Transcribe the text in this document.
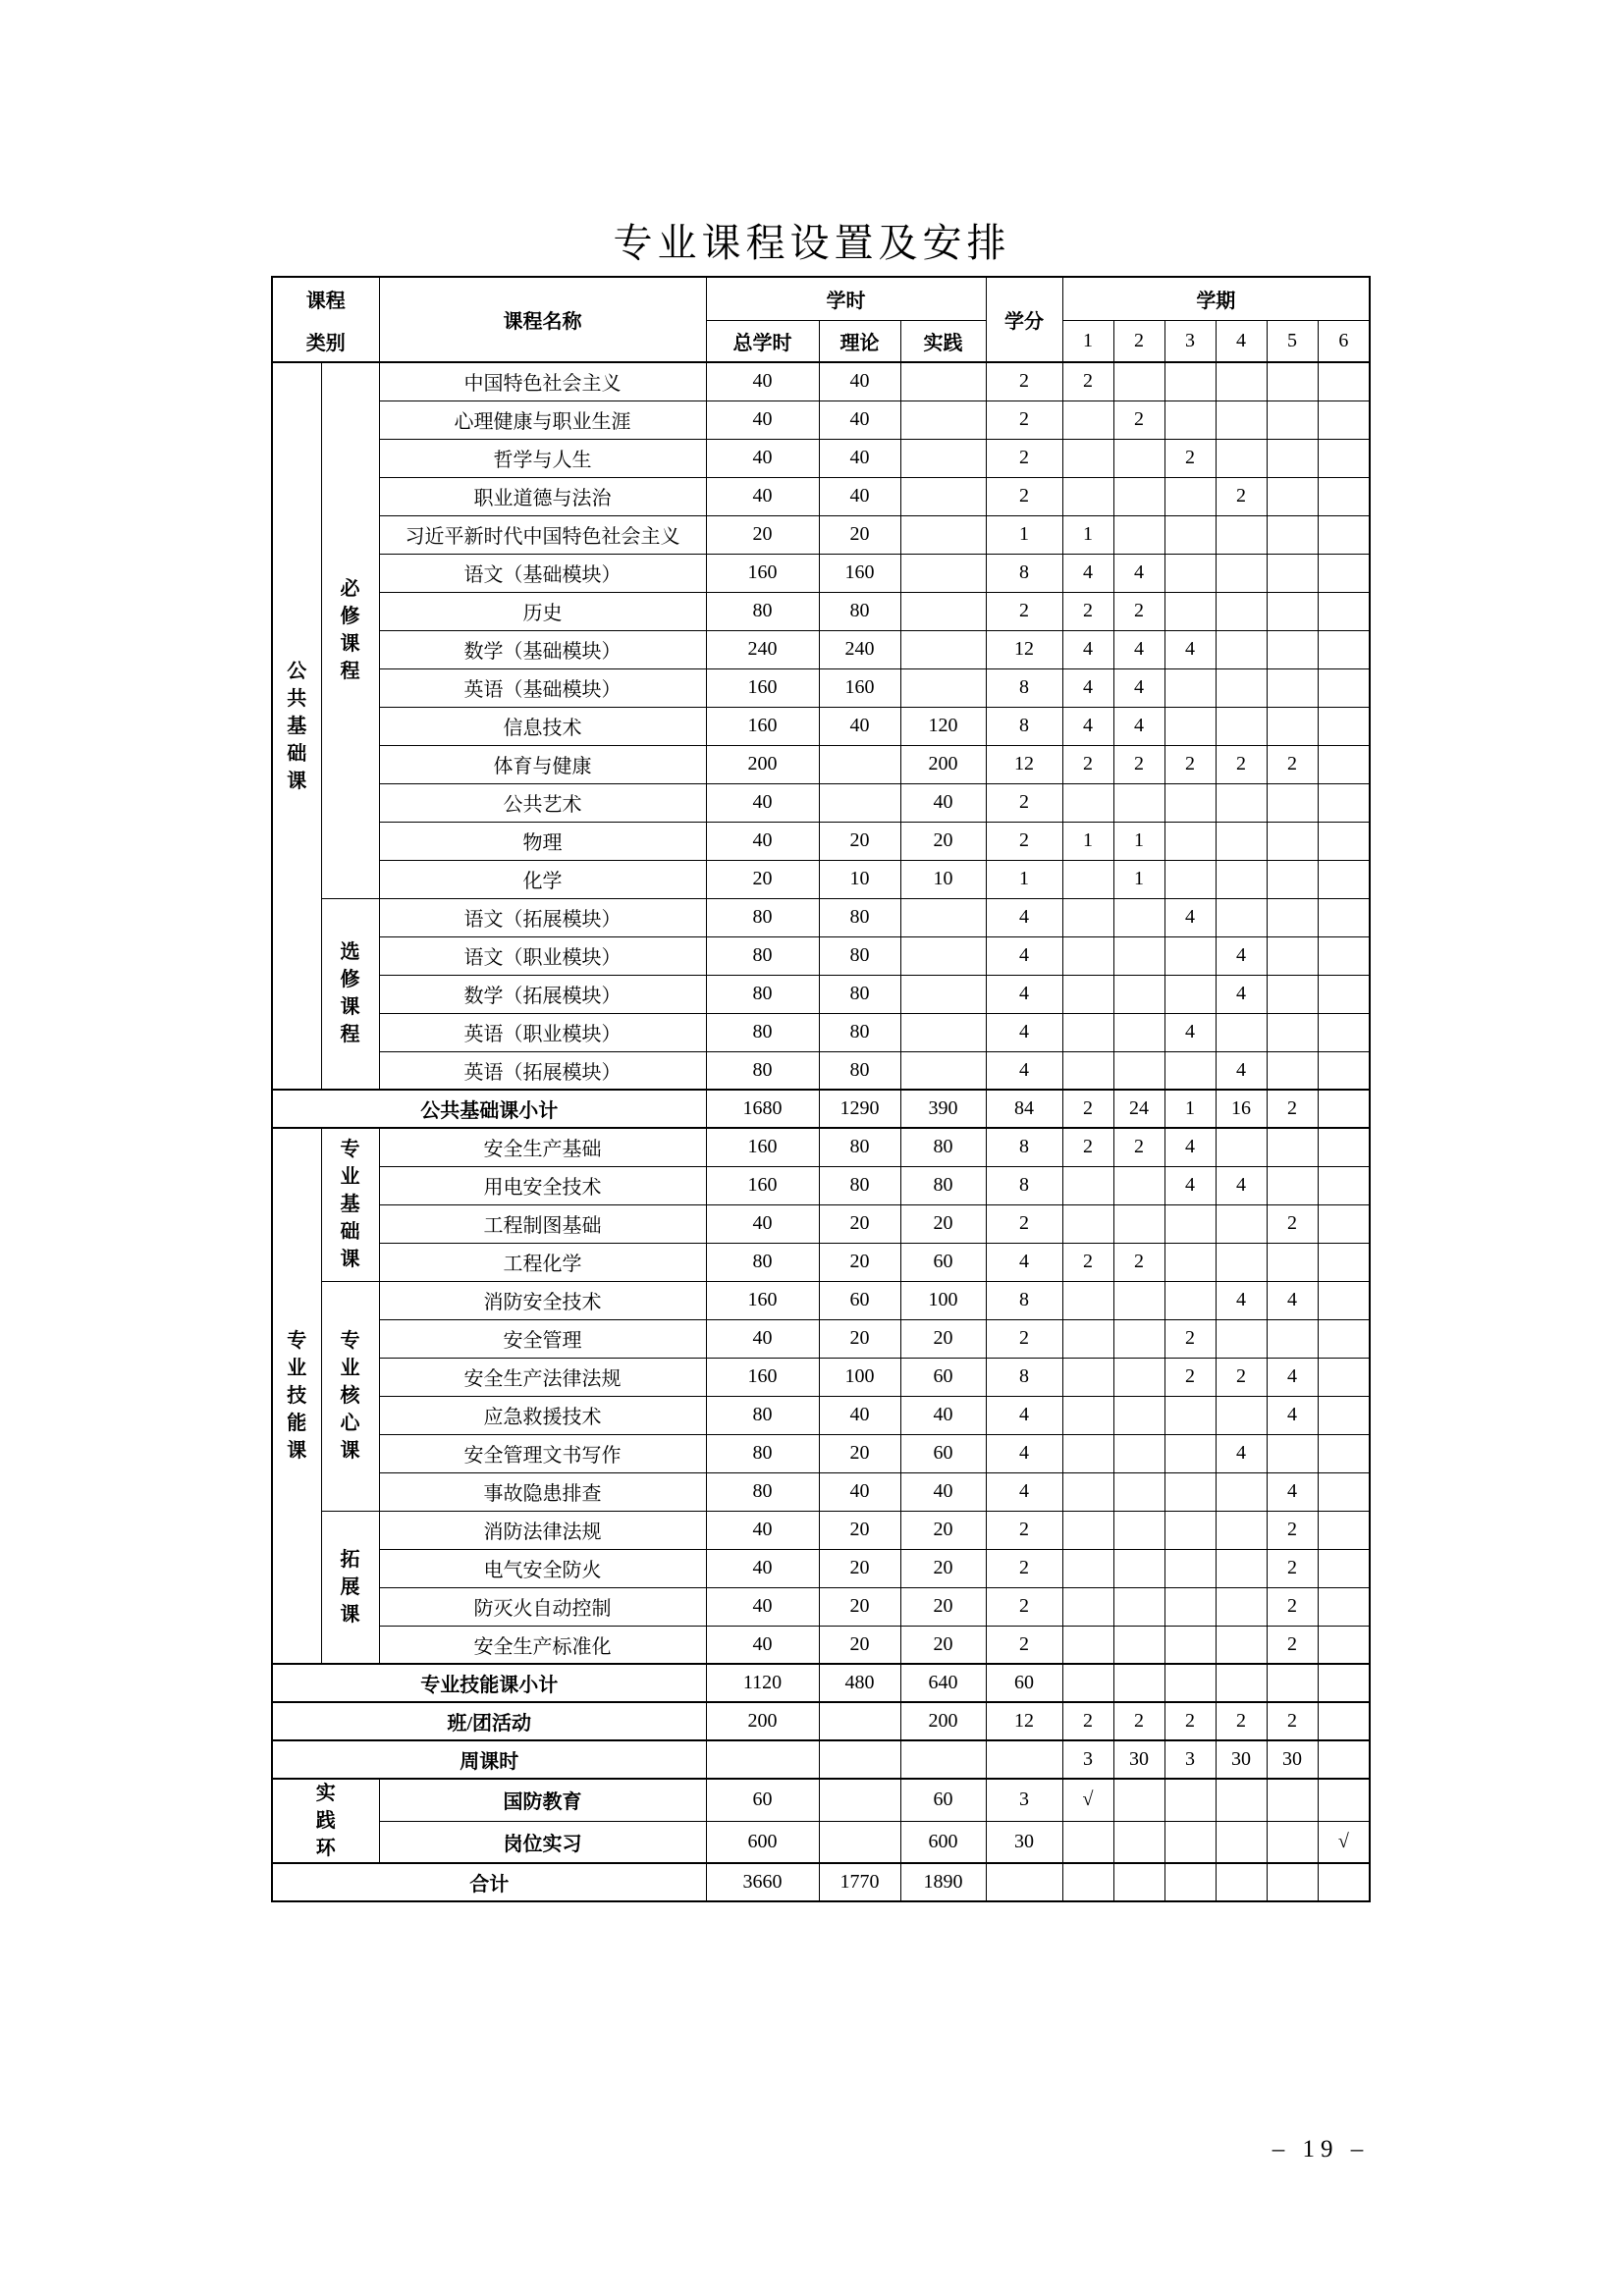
专业课程设置及安排
课程
类别		课程名称	学时			学分	学期					
			总学时	理论	实践		1	2	3	4	5	6
公共基础课	必修课程	中国特色社会主义	40	40		2	2					
		心理健康与职业生涯	40	40		2		2				
		哲学与人生	40	40		2			2			
		职业道德与法治	40	40		2				2		
		习近平新时代中国特色社会主义	20	20		1	1					
		语文（基础模块）	160	160		8	4	4				
		历史	80	80		2	2	2				
		数学（基础模块）	240	240		12	4	4	4			
		英语（基础模块）	160	160		8	4	4				
		信息技术	160	40	120	8	4	4				
		体育与健康	200		200	12	2	2	2	2	2	
		公共艺术	40		40	2						
		物理	40	20	20	2	1	1				
		化学	20	10	10	1		1				
	选修课程	语文（拓展模块）	80	80		4			4			
		语文（职业模块）	80	80		4				4		
		数学（拓展模块）	80	80		4				4		
		英语（职业模块）	80	80		4			4			
		英语（拓展模块）	80	80		4				4		
公共基础课小计			1680	1290	390	84	2	24	1	16	2	
专业技能课	专业基础课	安全生产基础	160	80	80	8	2	2	4			
		用电安全技术	160	80	80	8			4	4		
		工程制图基础	40	20	20	2					2	
		工程化学	80	20	60	4	2	2				
	专业核心课	消防安全技术	160	60	100	8				4	4	
		安全管理	40	20	20	2			2			
		安全生产法律法规	160	100	60	8			2	2	4	
		应急救援技术	80	40	40	4					4	
		安全管理文书写作	80	20	60	4				4		
		事故隐患排查	80	40	40	4					4	
	拓展课	消防法律法规	40	20	20	2					2	
		电气安全防火	40	20	20	2					2	
		防灭火自动控制	40	20	20	2					2	
		安全生产标准化	40	20	20	2					2	
专业技能课小计			1120	480	640	60						
班/团活动			200		200	12	2	2	2	2	2	
周课时							3	30	3	30	30	
实践环		国防教育	60		60	3	√					
		岗位实习	600		600	30						√
合计			3660	1770	1890							
– 19 –
